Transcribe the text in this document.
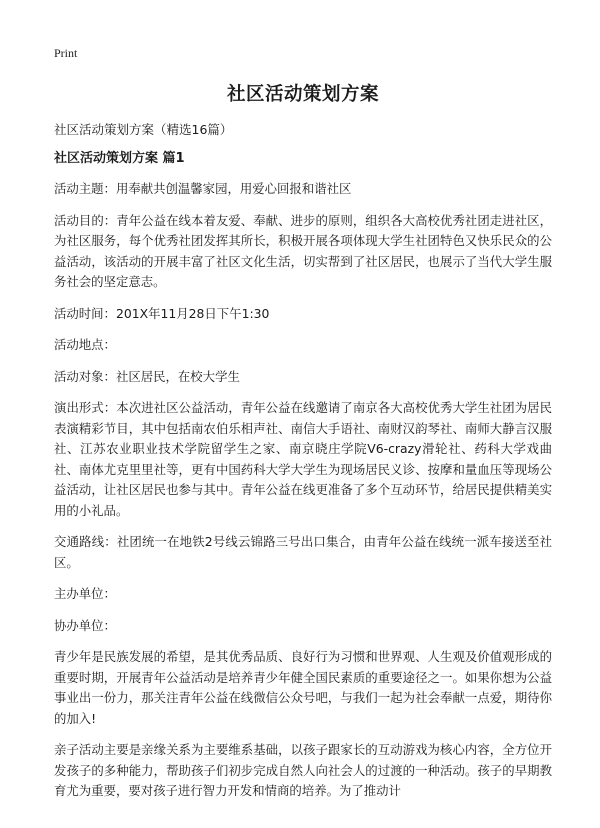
Print
社区活动策划方案
社区活动策划方案（精选16篇）
社区活动策划方案 篇1

活动主题：用奉献共创温馨家园，用爱心回报和谐社区

活动目的：青年公益在线本着友爱、奉献、进步的原则，组织各大高校优秀社团走进社区，为社区服务，每个优秀社团发挥其所长，积极开展各项体现大学生社团特色又快乐民众的公益活动，该活动的开展丰富了社区文化生活，切实帮到了社区居民，也展示了当代大学生服务社会的坚定意志。

活动时间：201X年11月28日下午1:30

活动地点：

活动对象：社区居民，在校大学生

演出形式：本次进社区公益活动，青年公益在线邀请了南京各大高校优秀大学生社团为居民表演精彩节目，其中包括南农伯乐相声社、南信大手语社、南财汉韵琴社、南师大静言汉服社、江苏农业职业技术学院留学生之家、南京晓庄学院V6-crazy滑轮社、药科大学戏曲社、南体尤克里里社等，更有中国药科大学大学生为现场居民义诊、按摩和量血压等现场公益活动，让社区居民也参与其中。青年公益在线更准备了多个互动环节，给居民提供精美实用的小礼品。

交通路线：社团统一在地铁2号线云锦路三号出口集合，由青年公益在线统一派车接送至社区。

主办单位：

协办单位：

青少年是民族发展的希望，是其优秀品质、良好行为习惯和世界观、人生观及价值观形成的重要时期，开展青年公益活动是培养青少年健全国民素质的重要途径之一。如果你想为公益事业出一份力，那关注青年公益在线微信公众号吧，与我们一起为社会奉献一点爱，期待你的加入!

亲子活动主要是亲缘关系为主要维系基础，以孩子跟家长的互动游戏为核心内容，全方位开发孩子的多种能力，帮助孩子们初步完成自然人向社会人的过渡的一种活动。孩子的早期教育尤为重要，要对孩子进行智力开发和情商的培养。为了推动计
